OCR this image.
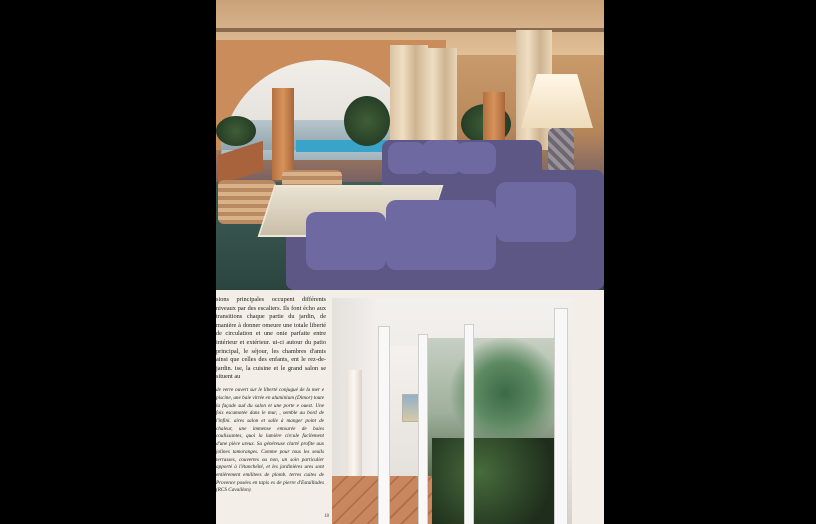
sions principales occupent différents niveaux par des escaliers. Ils font écho aux transitions chaque partie du jardin, de manière à donner omeure une totale liberté de circulation et une onie parfaite entre intérieur et extérieur. ui-ci autour du patio principal, le séjour, les chambres d'amis ainsi que celles des enfants, ent le rez-de-jardin. ise, la cuisine et le grand salon se situent au

de verre ouvert sur le liberté conjugué de la mer e piscine, une baie vitrée en aluminium (Dimor) toute la façade sud du salon et une porte e ouest. Une fois escamotée dans le mur, , semble au bord de l'infini. aires salon et salle à manger point de chaleur, une immense entourée de baies coulissantes, quoi la lumière circule facilement d'une pièce ureux. Sa généreuse clarté profite aux jolines tamoranges. Comme pour tous les seuils terrasses, couvertes ou non, un soin particulier apporté à l'étanchéité, et les jardinières ures sont entièrement emilitees de plomb. terres cuites de Provence posées en tapis es de pierre d'Estaillades (RCS Cavaillon).

18
